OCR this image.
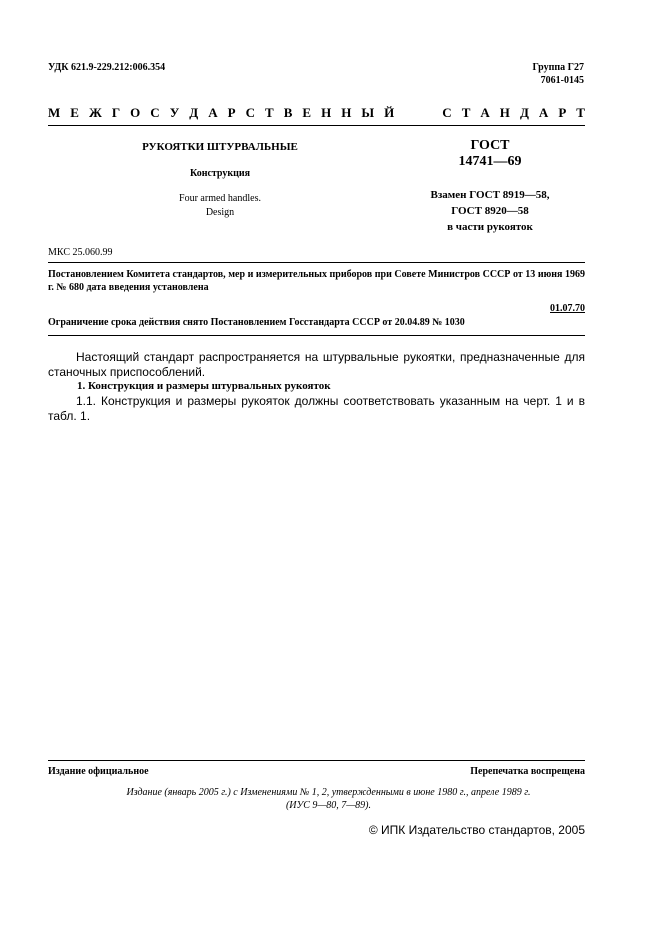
УДК 621.9-229.212:006.354	Группа Г27
7061-0145
М Е Ж Г О С У Д А Р С Т В Е Н Н Ы Й	С Т А Н Д А Р Т
РУКОЯТКИ ШТУРВАЛЬНЫЕ
Конструкция
Four armed handles.
Design
ГОСТ
14741—69
Взамен ГОСТ 8919—58,
ГОСТ 8920—58
в части рукояток
МКС 25.060.99
Постановлением Комитета стандартов, мер и измерительных приборов при Совете Министров СССР от 13 июня 1969 г. № 680 дата введения установлена
01.07.70
Ограничение срока действия снято Постановлением Госстандарта СССР от 20.04.89 № 1030
Настоящий стандарт распространяется на штурвальные рукоятки, предназначенные для станочных приспособлений.
1. Конструкция и размеры штурвальных рукояток
1.1. Конструкция и размеры рукояток должны соответствовать указанным на черт. 1 и в табл. 1.
Издание официальное	Перепечатка воспрещена
Издание (январь 2005 г.) с Изменениями № 1, 2, утвержденными в июне 1980 г., апреле 1989 г.
(ИУС 9—80, 7—89).
© ИПК Издательство стандартов, 2005
